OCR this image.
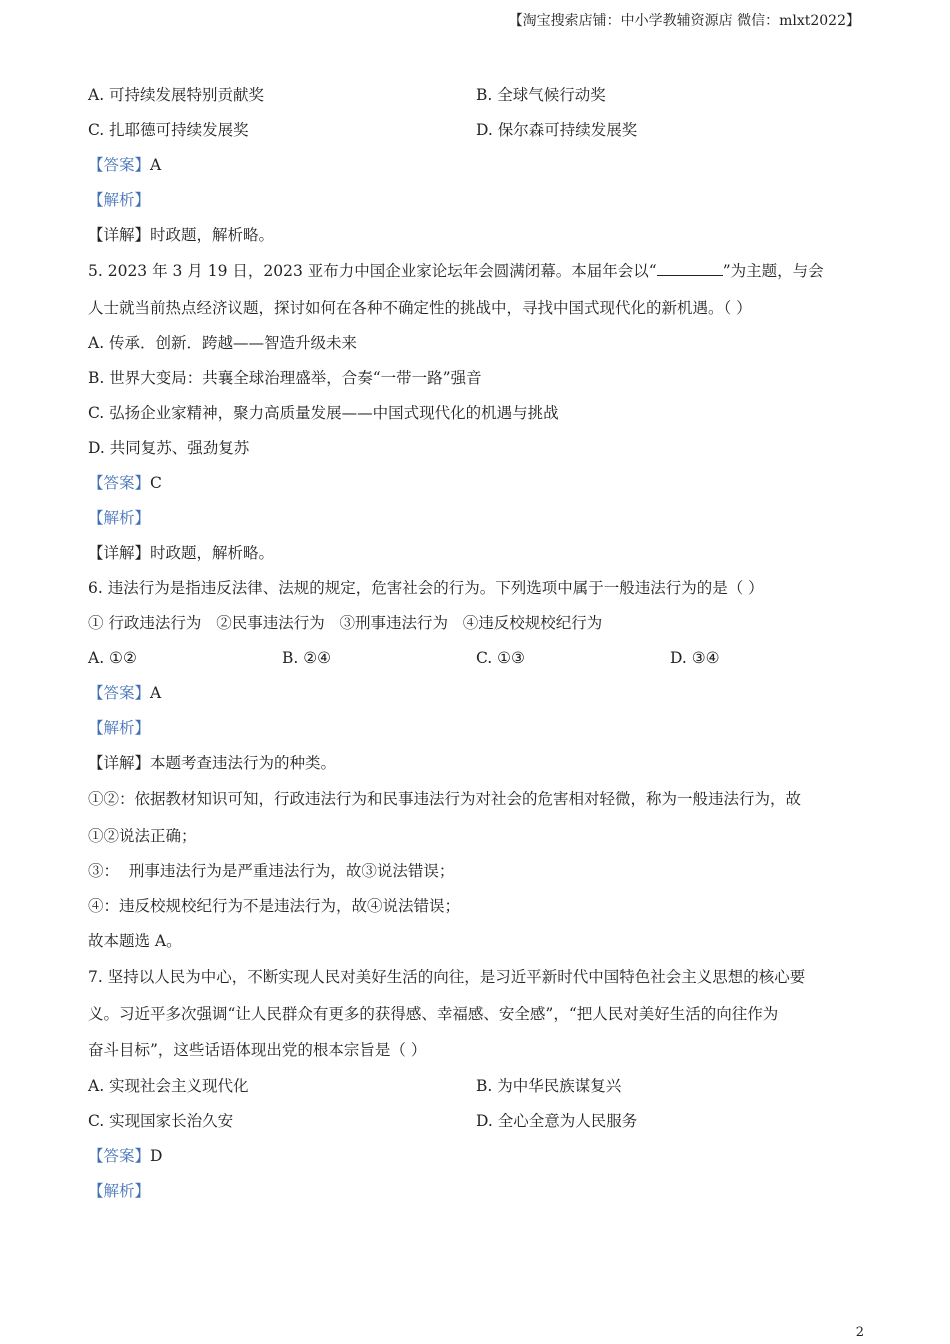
【淘宝搜索店铺：中小学教辅资源店 微信：mlxt2022】
A. 可持续发展特别贡献奖	B. 全球气候行动奖
C. 扎耶德可持续发展奖	D. 保尔森可持续发展奖
【答案】A
【解析】
【详解】时政题，解析略。
5. 2023 年 3 月 19 日，2023 亚布力中国企业家论坛年会圆满闭幕。本届年会以“	”为主题，与会
人士就当前热点经济议题，探讨如何在各种不确定性的挑战中，寻找中国式现代化的新机遇。（ ）
A. 传承．创新．跨越——智造升级未来
B. 世界大变局：共襄全球治理盛举，合奏“一带一路”强音
C. 弘扬企业家精神，聚力高质量发展——中国式现代化的机遇与挑战
D. 共同复苏、强劲复苏
【答案】C
【解析】
【详解】时政题，解析略。
6. 违法行为是指违反法律、法规的规定，危害社会的行为。下列选项中属于一般违法行为的是（ ）
① 行政违法行为   ②民事违法行为   ③刑事违法行为   ④违反校规校纪行为
A. ①②	B. ②④	C. ①③	D. ③④
【答案】A
【解析】
【详解】本题考查违法行为的种类。
①②：依据教材知识可知，行政违法行为和民事违法行为对社会的危害相对轻微，称为一般违法行为，故
①②说法正确；
③：  刑事违法行为是严重违法行为，故③说法错误；
④：违反校规校纪行为不是违法行为，故④说法错误；
故本题选 A。
7. 坚持以人民为中心，不断实现人民对美好生活的向往，是习近平新时代中国特色社会主义思想的核心要
义。习近平多次强调“让人民群众有更多的获得感、幸福感、安全感”，“把人民对美好生活的向往作为
奋斗目标”，这些话语体现出党的根本宗旨是（ ）
A. 实现社会主义现代化	B. 为中华民族谋复兴
C. 实现国家长治久安	D. 全心全意为人民服务
【答案】D
【解析】
2
